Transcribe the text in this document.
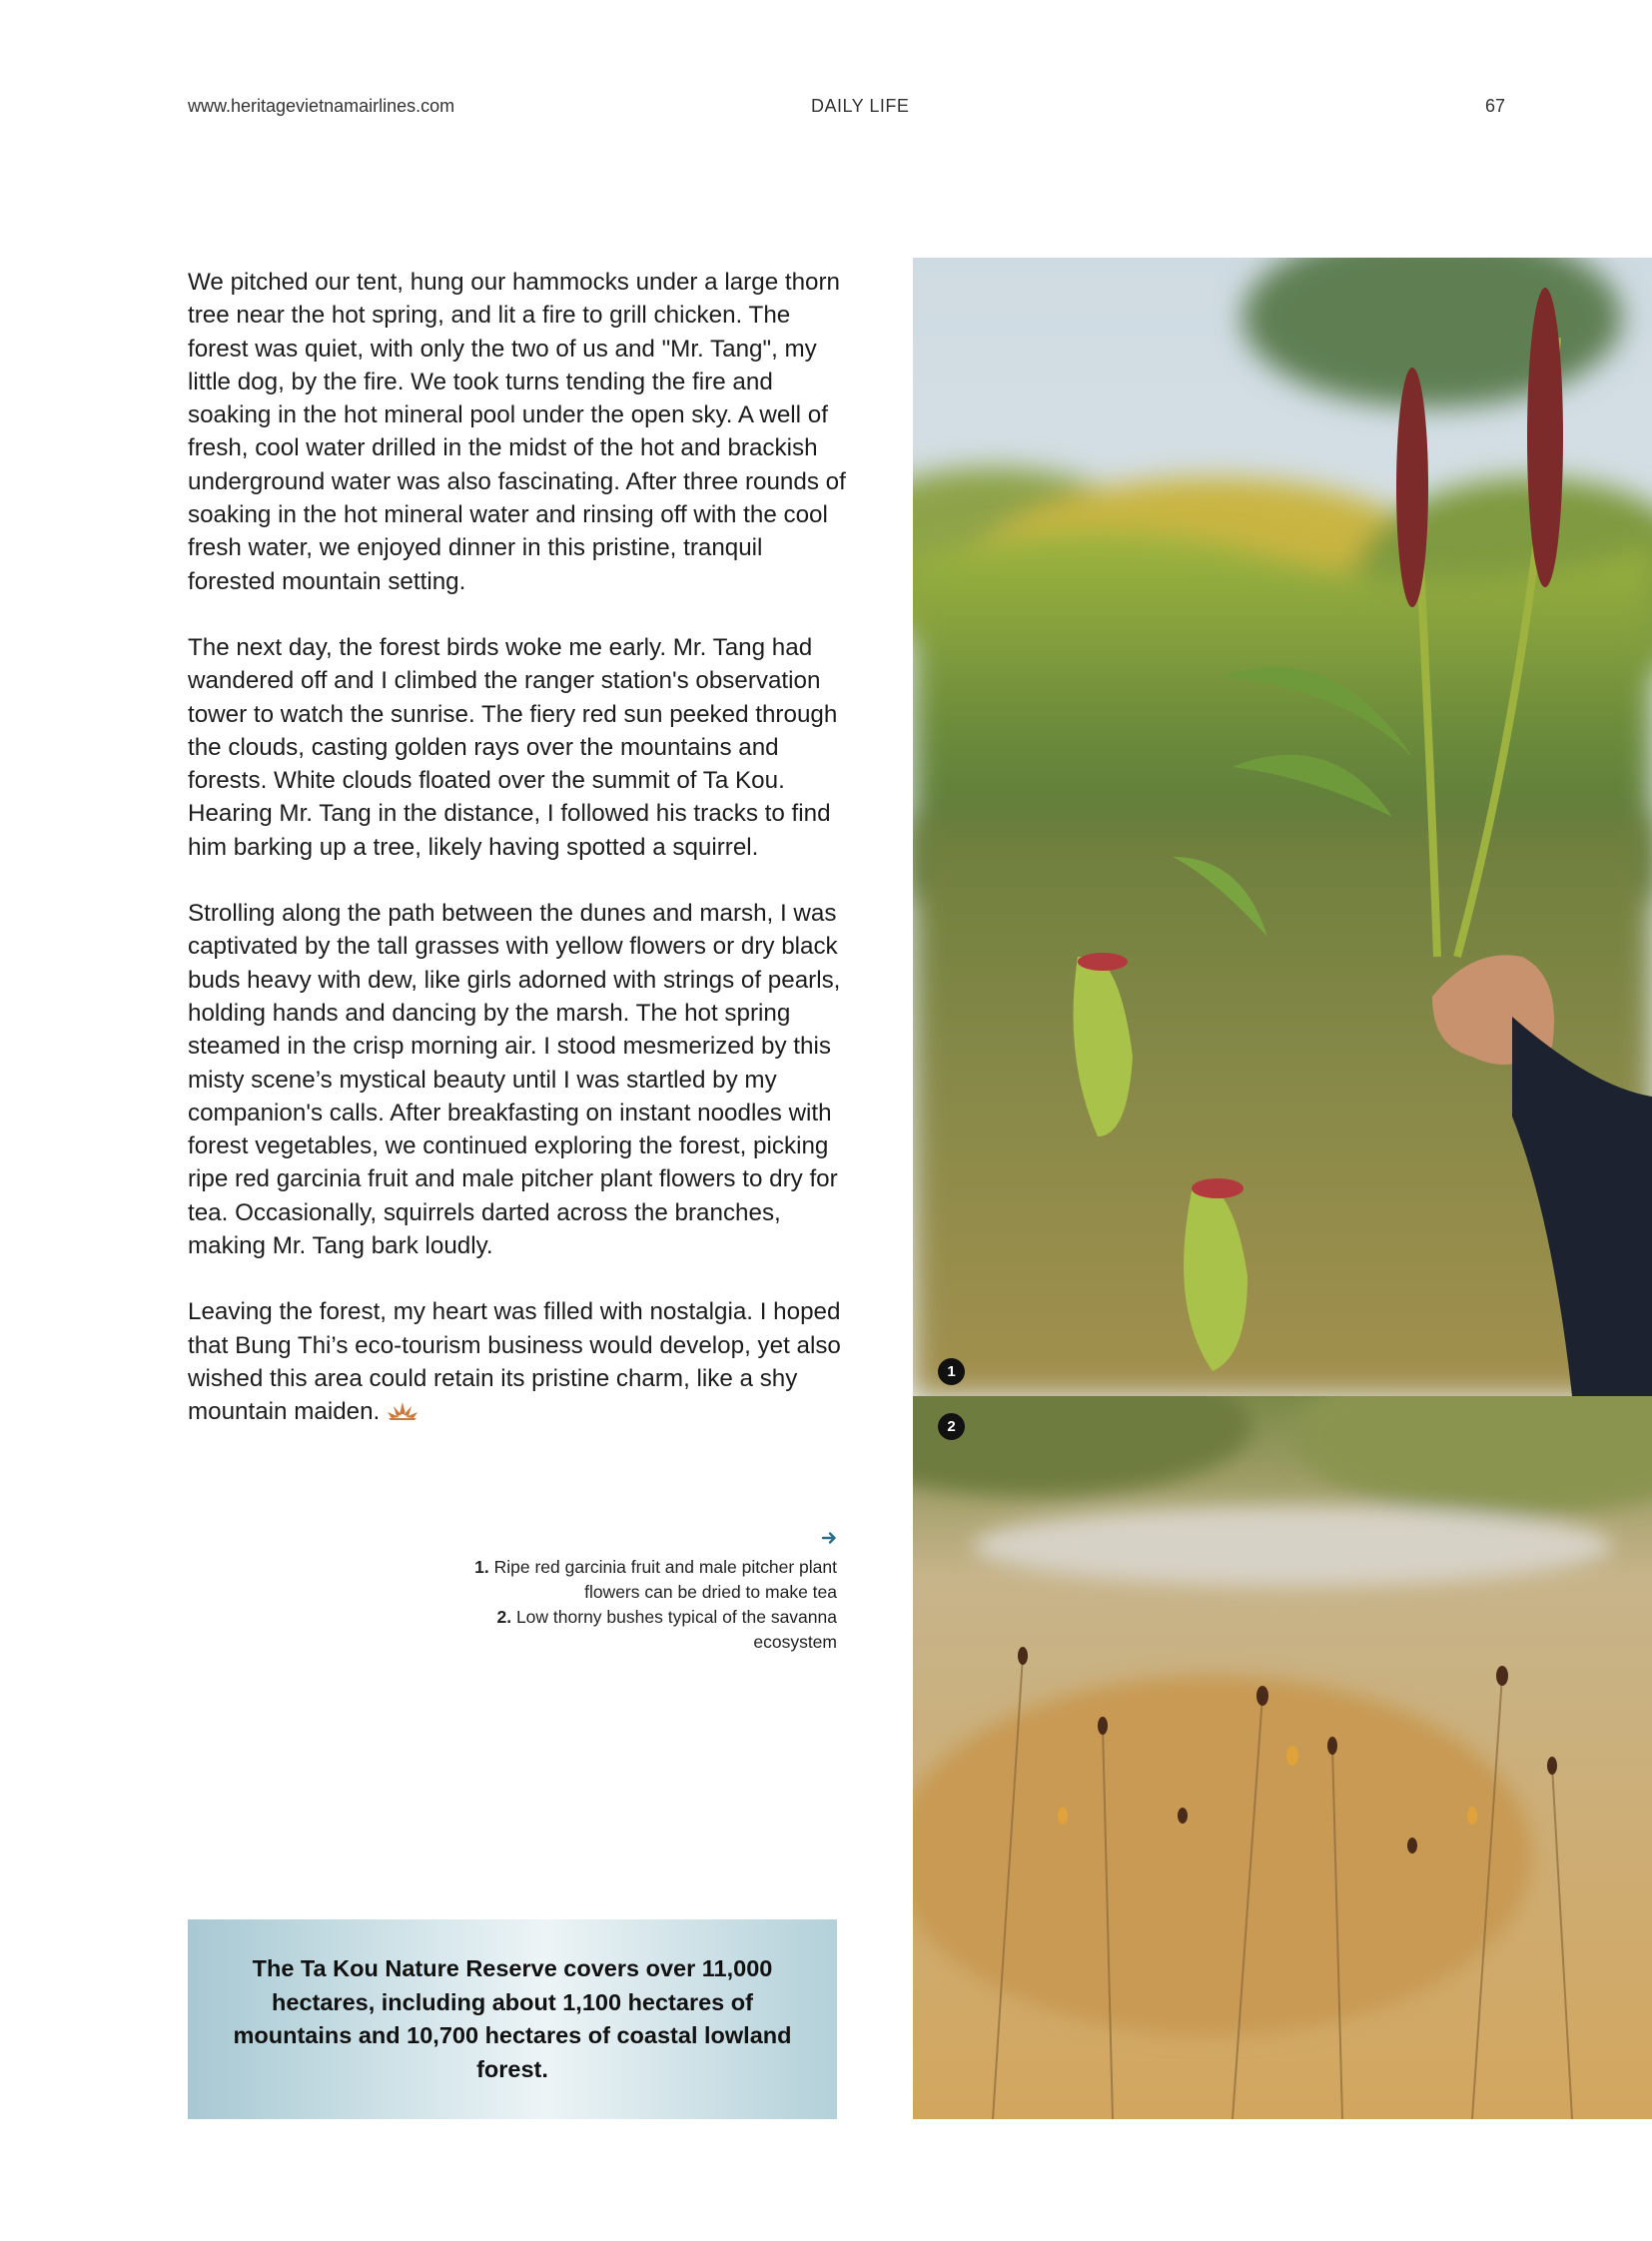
www.heritagevietnamairlines.com	DAILY LIFE	67

We pitched our tent, hung our hammocks under a large thorn tree near the hot spring, and lit a fire to grill chicken. The forest was quiet, with only the two of us and "Mr. Tang", my little dog, by the fire. We took turns tending the fire and soaking in the hot mineral pool under the open sky. A well of fresh, cool water drilled in the midst of the hot and brackish underground water was also fascinating. After three rounds of soaking in the hot mineral water and rinsing off with the cool fresh water, we enjoyed dinner in this pristine, tranquil forested mountain setting.

The next day, the forest birds woke me early. Mr. Tang had wandered off and I climbed the ranger station's observation tower to watch the sunrise. The fiery red sun peeked through the clouds, casting golden rays over the mountains and forests. White clouds floated over the summit of Ta Kou. Hearing Mr. Tang in the distance, I followed his tracks to find him barking up a tree, likely having spotted a squirrel.

Strolling along the path between the dunes and marsh, I was captivated by the tall grasses with yellow flowers or dry black buds heavy with dew, like girls adorned with strings of pearls, holding hands and dancing by the marsh. The hot spring steamed in the crisp morning air. I stood mesmerized by this misty scene’s mystical beauty until I was startled by my companion's calls. After breakfasting on instant noodles with forest vegetables, we continued exploring the forest, picking ripe red garcinia fruit and male pitcher plant flowers to dry for tea. Occasionally, squirrels darted across the branches, making Mr. Tang bark loudly.

Leaving the forest, my heart was filled with nostalgia. I hoped that Bung Thi’s eco-tourism business would develop, yet also wished this area could retain its pristine charm, like a shy mountain maiden.

1. Ripe red garcinia fruit and male pitcher plant flowers can be dried to make tea
2. Low thorny bushes typical of the savanna ecosystem
The Ta Kou Nature Reserve covers over 11,000 hectares, including about 1,100 hectares of mountains and 10,700 hectares of coastal lowland forest.
1
2
